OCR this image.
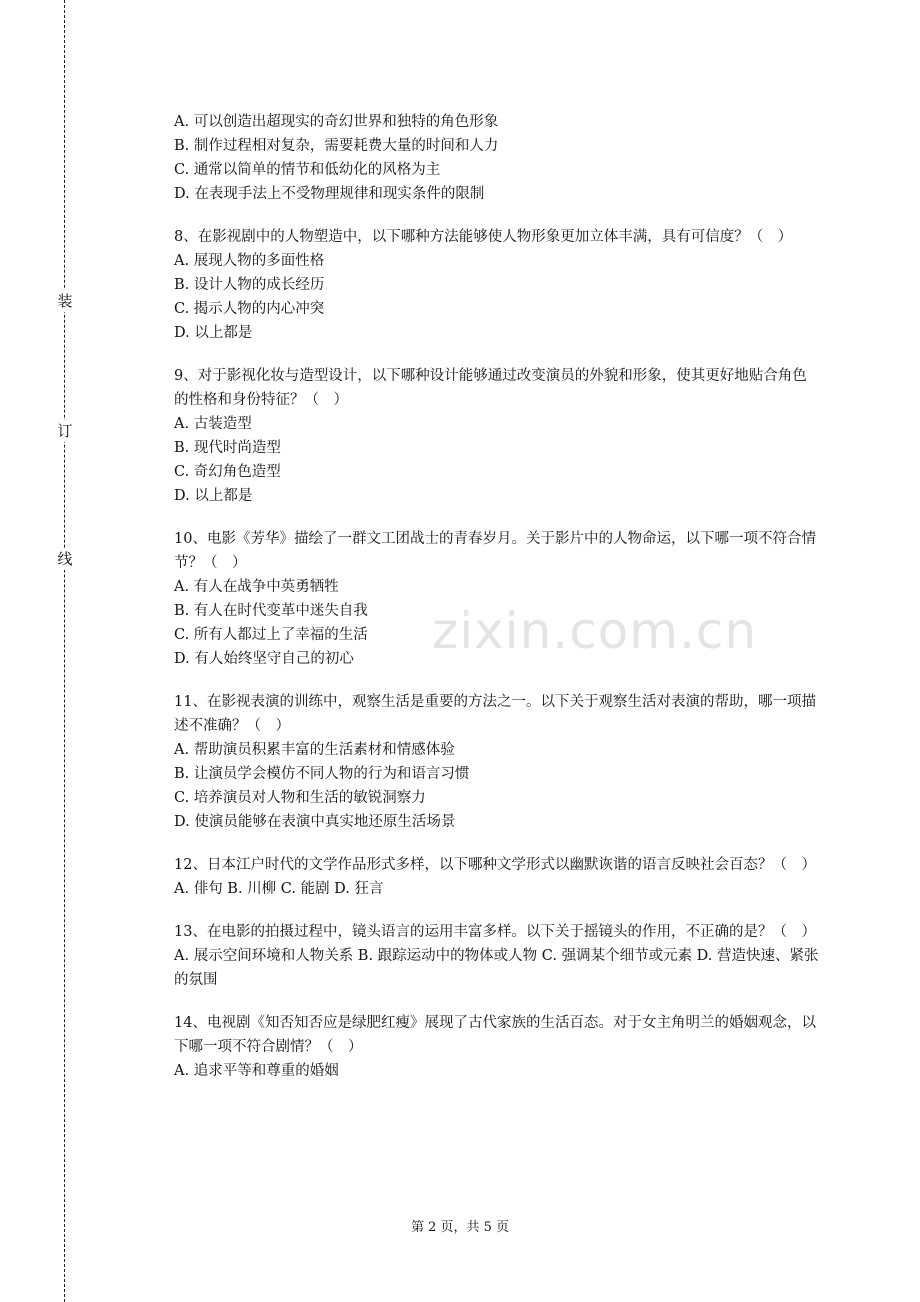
装
订
线
zixin.com.cn

A. 可以创造出超现实的奇幻世界和独特的角色形象

B. 制作过程相对复杂，需要耗费大量的时间和人力

C. 通常以简单的情节和低幼化的风格为主

D. 在表现手法上不受物理规律和现实条件的限制

8、在影视剧中的人物塑造中，以下哪种方法能够使人物形象更加立体丰满，具有可信度？（　）

A. 展现人物的多面性格

B. 设计人物的成长经历

C. 揭示人物的内心冲突

D. 以上都是

9、对于影视化妆与造型设计，以下哪种设计能够通过改变演员的外貌和形象，使其更好地贴合角色的性格和身份特征？（　）

A. 古装造型

B. 现代时尚造型

C. 奇幻角色造型

D. 以上都是

10、电影《芳华》描绘了一群文工团战士的青春岁月。关于影片中的人物命运，以下哪一项不符合情节？（　）

A. 有人在战争中英勇牺牲

B. 有人在时代变革中迷失自我

C. 所有人都过上了幸福的生活

D. 有人始终坚守自己的初心

11、在影视表演的训练中，观察生活是重要的方法之一。以下关于观察生活对表演的帮助，哪一项描述不准确？（　）

A. 帮助演员积累丰富的生活素材和情感体验

B. 让演员学会模仿不同人物的行为和语言习惯

C. 培养演员对人物和生活的敏锐洞察力

D. 使演员能够在表演中真实地还原生活场景

12、日本江户时代的文学作品形式多样，以下哪种文学形式以幽默诙谐的语言反映社会百态？（　）

A. 俳句 B. 川柳 C. 能剧 D. 狂言

13、在电影的拍摄过程中，镜头语言的运用丰富多样。以下关于摇镜头的作用，不正确的是？（　）

A. 展示空间环境和人物关系 B. 跟踪运动中的物体或人物 C. 强调某个细节或元素 D. 营造快速、紧张的氛围

14、电视剧《知否知否应是绿肥红瘦》展现了古代家族的生活百态。对于女主角明兰的婚姻观念，以下哪一项不符合剧情？（　）

A. 追求平等和尊重的婚姻

第 2 页，共 5 页
